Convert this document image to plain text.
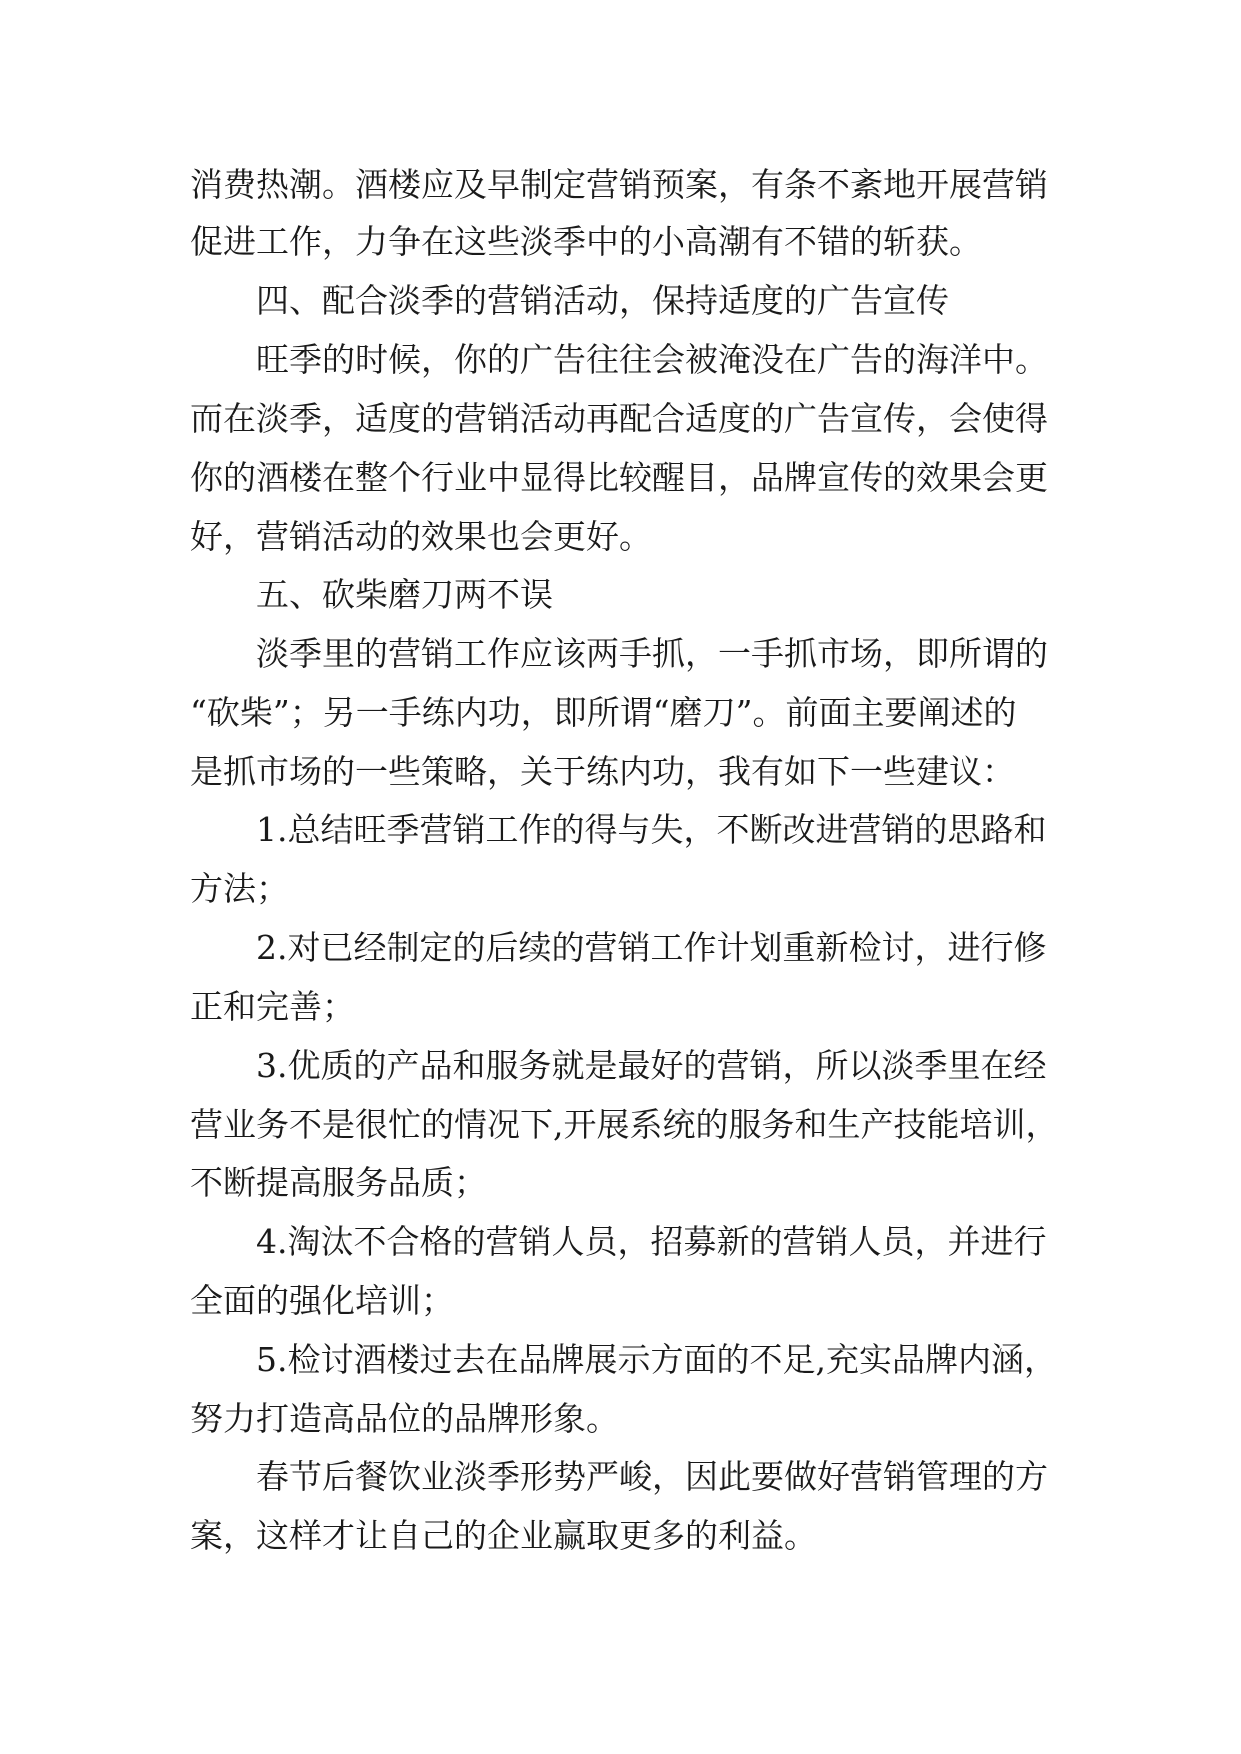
消费热潮。酒楼应及早制定营销预案，有条不紊地开展营销
促进工作，力争在这些淡季中的小高潮有不错的斩获。
四、配合淡季的营销活动，保持适度的广告宣传
旺季的时候，你的广告往往会被淹没在广告的海洋中。
而在淡季，适度的营销活动再配合适度的广告宣传，会使得
你的酒楼在整个行业中显得比较醒目，品牌宣传的效果会更
好，营销活动的效果也会更好。
五、砍柴磨刀两不误
淡季里的营销工作应该两手抓，一手抓市场，即所谓的
“砍柴”；另一手练内功，即所谓“磨刀”。前面主要阐述的
是抓市场的一些策略，关于练内功，我有如下一些建议：
1.总结旺季营销工作的得与失，不断改进营销的思路和
方法；
2.对已经制定的后续的营销工作计划重新检讨，进行修
正和完善；
3.优质的产品和服务就是最好的营销，所以淡季里在经
营业务不是很忙的情况下,开展系统的服务和生产技能培训，
不断提高服务品质；
4.淘汰不合格的营销人员，招募新的营销人员，并进行
全面的强化培训；
5.检讨酒楼过去在品牌展示方面的不足,充实品牌内涵，
努力打造高品位的品牌形象。
春节后餐饮业淡季形势严峻，因此要做好营销管理的方
案，这样才让自己的企业赢取更多的利益。
